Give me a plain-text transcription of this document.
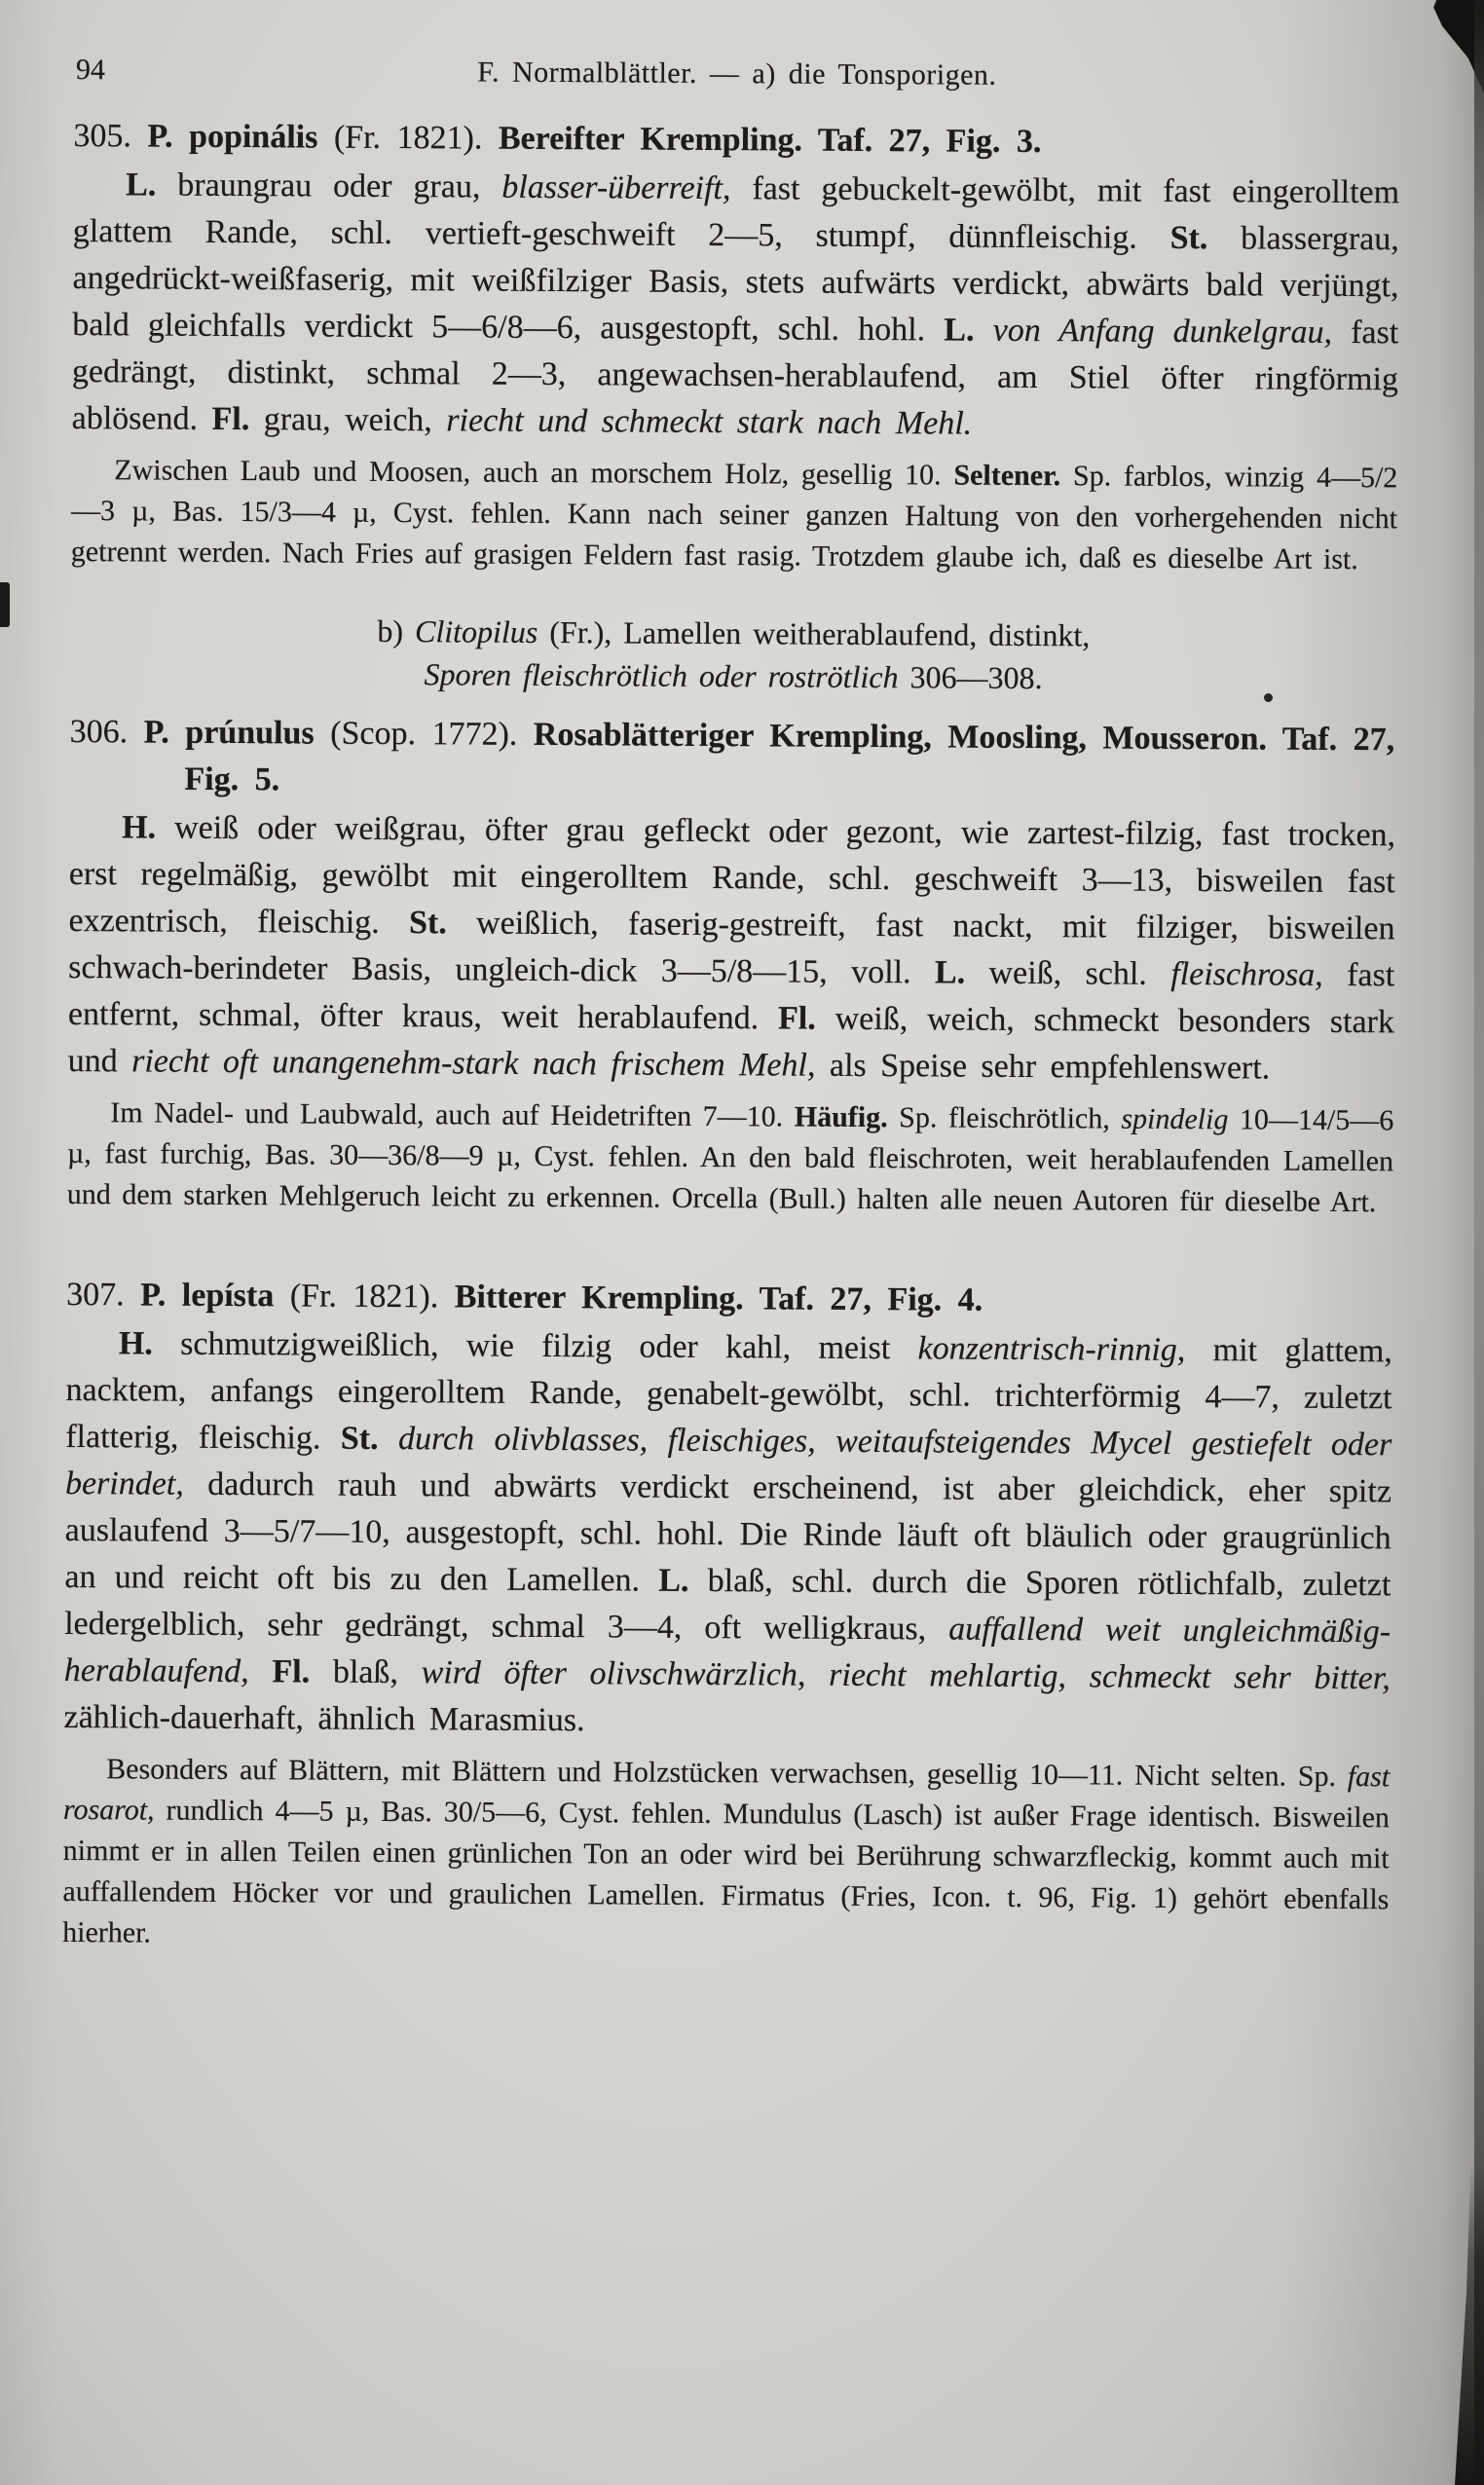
94	F. Normalblättler. — a) die Tonsporigen.

305. P. popinális (Fr. 1821). Bereifter Krempling. Taf. 27, Fig. 3.

L. braungrau oder grau, blasser-überreift, fast gebuckelt-gewölbt, mit fast eingerolltem glattem Rande, schl. vertieft-geschweift 2—5, stumpf, dünnfleischig. St. blassergrau, angedrückt-weißfaserig, mit weißfilziger Basis, stets aufwärts verdickt, abwärts bald verjüngt, bald gleichfalls verdickt 5—6/8—6, ausgestopft, schl. hohl. L. von Anfang dunkelgrau, fast gedrängt, distinkt, schmal 2—3, angewachsen-herablaufend, am Stiel öfter ringförmig ablösend. Fl. grau, weich, riecht und schmeckt stark nach Mehl.

Zwischen Laub und Moosen, auch an morschem Holz, gesellig 10. Seltener. Sp. farblos, winzig 4—5/2—3 µ, Bas. 15/3—4 µ, Cyst. fehlen. Kann nach seiner ganzen Haltung von den vorhergehenden nicht getrennt werden. Nach Fries auf grasigen Feldern fast rasig. Trotzdem glaube ich, daß es dieselbe Art ist.

b) Clitopilus (Fr.), Lamellen weitherablaufend, distinkt,

Sporen fleischrötlich oder roströtlich 306—308.

306. P. prúnulus (Scop. 1772). Rosablätteriger Krempling, Moosling, Mousseron. Taf. 27, Fig. 5.

H. weiß oder weißgrau, öfter grau gefleckt oder gezont, wie zartest-filzig, fast trocken, erst regelmäßig, gewölbt mit eingerolltem Rande, schl. geschweift 3—13, bisweilen fast exzentrisch, fleischig. St. weißlich, faserig-gestreift, fast nackt, mit filziger, bisweilen schwach-berindeter Basis, ungleich-dick 3—5/8—15, voll. L. weiß, schl. fleischrosa, fast entfernt, schmal, öfter kraus, weit herablaufend. Fl. weiß, weich, schmeckt besonders stark und riecht oft unangenehm-stark nach frischem Mehl, als Speise sehr empfehlenswert.

Im Nadel- und Laubwald, auch auf Heidetriften 7—10. Häufig. Sp. fleischrötlich, spindelig 10—14/5—6 µ, fast furchig, Bas. 30—36/8—9 µ, Cyst. fehlen. An den bald fleischroten, weit herablaufenden Lamellen und dem starken Mehlgeruch leicht zu erkennen. Orcella (Bull.) halten alle neuen Autoren für dieselbe Art.

307. P. lepísta (Fr. 1821). Bitterer Krempling. Taf. 27, Fig. 4.

H. schmutzigweißlich, wie filzig oder kahl, meist konzentrisch-rinnig, mit glattem, nacktem, anfangs eingerolltem Rande, genabelt-gewölbt, schl. trichterförmig 4—7, zuletzt flatterig, fleischig. St. durch olivblasses, fleischiges, weitaufsteigendes Mycel gestiefelt oder berindet, dadurch rauh und abwärts verdickt erscheinend, ist aber gleichdick, eher spitz auslaufend 3—5/7—10, ausgestopft, schl. hohl. Die Rinde läuft oft bläulich oder graugrünlich an und reicht oft bis zu den Lamellen. L. blaß, schl. durch die Sporen rötlichfalb, zuletzt ledergelblich, sehr gedrängt, schmal 3—4, oft welligkraus, auffallend weit ungleichmäßig-herablaufend, Fl. blaß, wird öfter olivschwärzlich, riecht mehlartig, schmeckt sehr bitter, zählich-dauerhaft, ähnlich Marasmius.

Besonders auf Blättern, mit Blättern und Holzstücken verwachsen, gesellig 10—11. Nicht selten. Sp. fast rosarot, rundlich 4—5 µ, Bas. 30/5—6, Cyst. fehlen. Mundulus (Lasch) ist außer Frage identisch. Bisweilen nimmt er in allen Teilen einen grünlichen Ton an oder wird bei Berührung schwarzfleckig, kommt auch mit auffallendem Höcker vor und graulichen Lamellen. Firmatus (Fries, Icon. t. 96, Fig. 1) gehört ebenfalls hierher.
